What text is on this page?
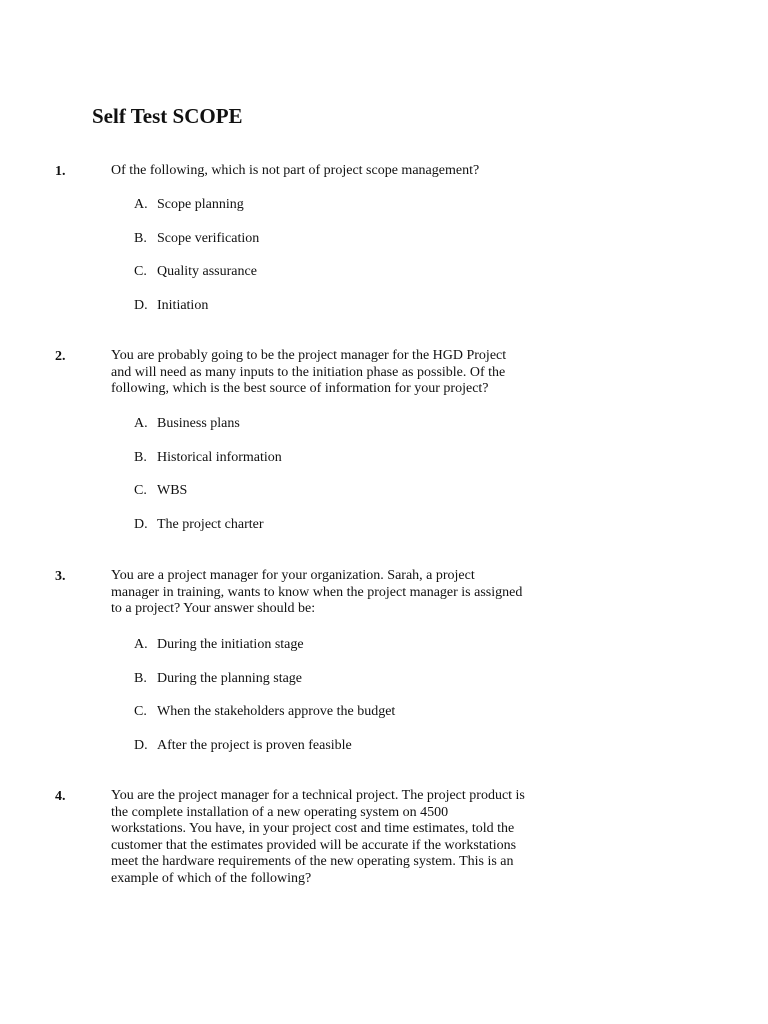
Self Test SCOPE
1.	Of the following, which is not part of project scope management?
A. Scope planning
B. Scope verification
C. Quality assurance
D. Initiation
2.	You are probably going to be the project manager for the HGD Project
and will need as many inputs to the initiation phase as possible. Of the
following, which is the best source of information for your project?
A. Business plans
B. Historical information
C. WBS
D. The project charter
3.	You are a project manager for your organization. Sarah, a project
manager in training, wants to know when the project manager is assigned
to a project? Your answer should be:
A. During the initiation stage
B. During the planning stage
C. When the stakeholders approve the budget
D. After the project is proven feasible
4.	You are the project manager for a technical project. The project product is
the complete installation of a new operating system on 4500
workstations. You have, in your project cost and time estimates, told the
customer that the estimates provided will be accurate if the workstations
meet the hardware requirements of the new operating system. This is an
example of which of the following?
